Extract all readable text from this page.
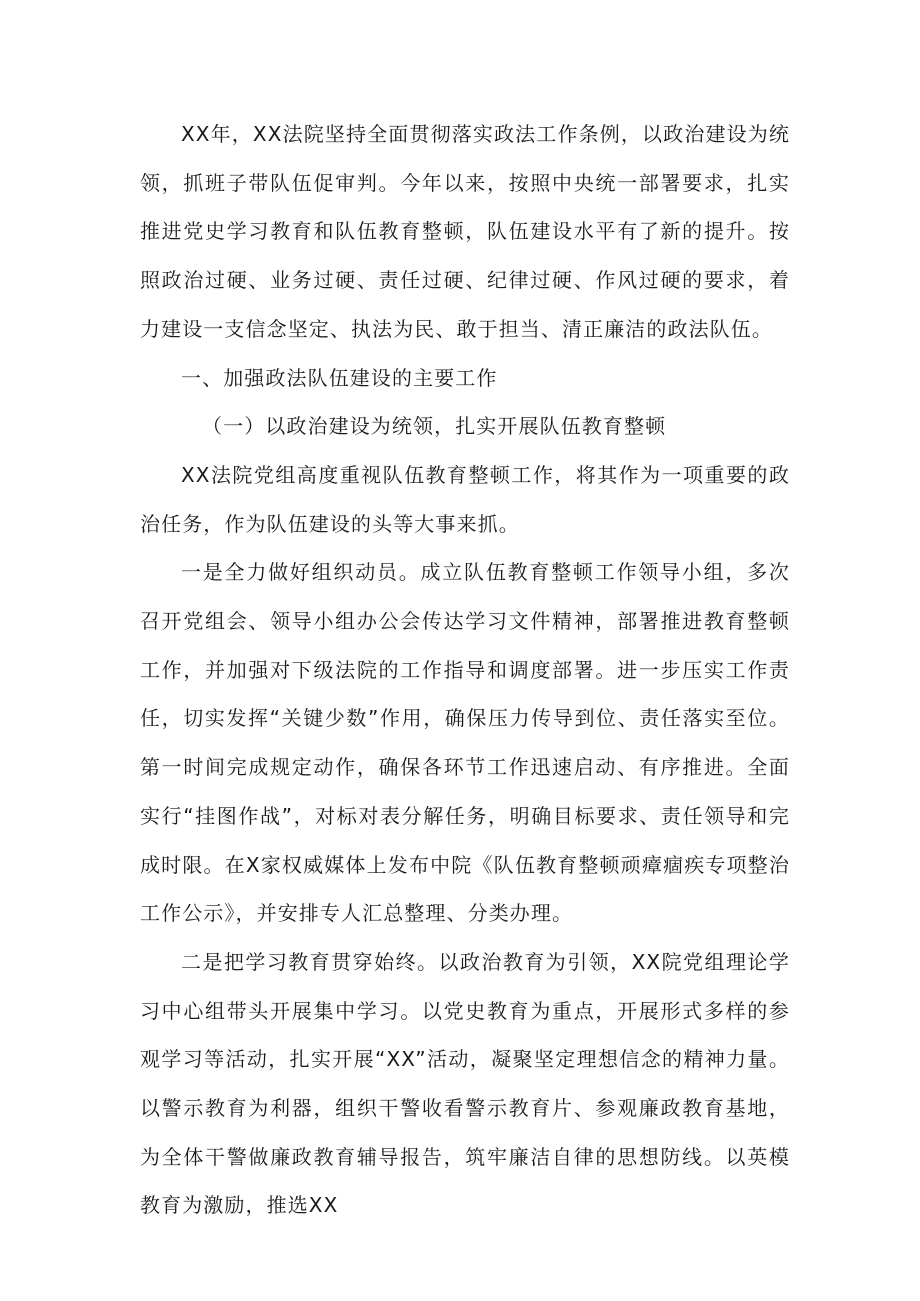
XX年，XX法院坚持全面贯彻落实政法工作条例，以政治建设为统领，抓班子带队伍促审判。今年以来，按照中央统一部署要求，扎实推进党史学习教育和队伍教育整顿，队伍建设水平有了新的提升。按照政治过硬、业务过硬、责任过硬、纪律过硬、作风过硬的要求，着力建设一支信念坚定、执法为民、敢于担当、清正廉洁的政法队伍。

一、加强政法队伍建设的主要工作

（一）以政治建设为统领，扎实开展队伍教育整顿

XX法院党组高度重视队伍教育整顿工作，将其作为一项重要的政治任务，作为队伍建设的头等大事来抓。

一是全力做好组织动员。成立队伍教育整顿工作领导小组，多次召开党组会、领导小组办公会传达学习文件精神，部署推进教育整顿工作，并加强对下级法院的工作指导和调度部署。进一步压实工作责任，切实发挥“关键少数”作用，确保压力传导到位、责任落实至位。第一时间完成规定动作，确保各环节工作迅速启动、有序推进。全面实行“挂图作战”，对标对表分解任务，明确目标要求、责任领导和完成时限。在X家权威媒体上发布中院《队伍教育整顿顽瘴痼疾专项整治工作公示》，并安排专人汇总整理、分类办理。

二是把学习教育贯穿始终。以政治教育为引领，XX院党组理论学习中心组带头开展集中学习。以党史教育为重点，开展形式多样的参观学习等活动，扎实开展“XX”活动，凝聚坚定理想信念的精神力量。以警示教育为利器，组织干警收看警示教育片、参观廉政教育基地，为全体干警做廉政教育辅导报告，筑牢廉洁自律的思想防线。以英模教育为激励，推选XX
